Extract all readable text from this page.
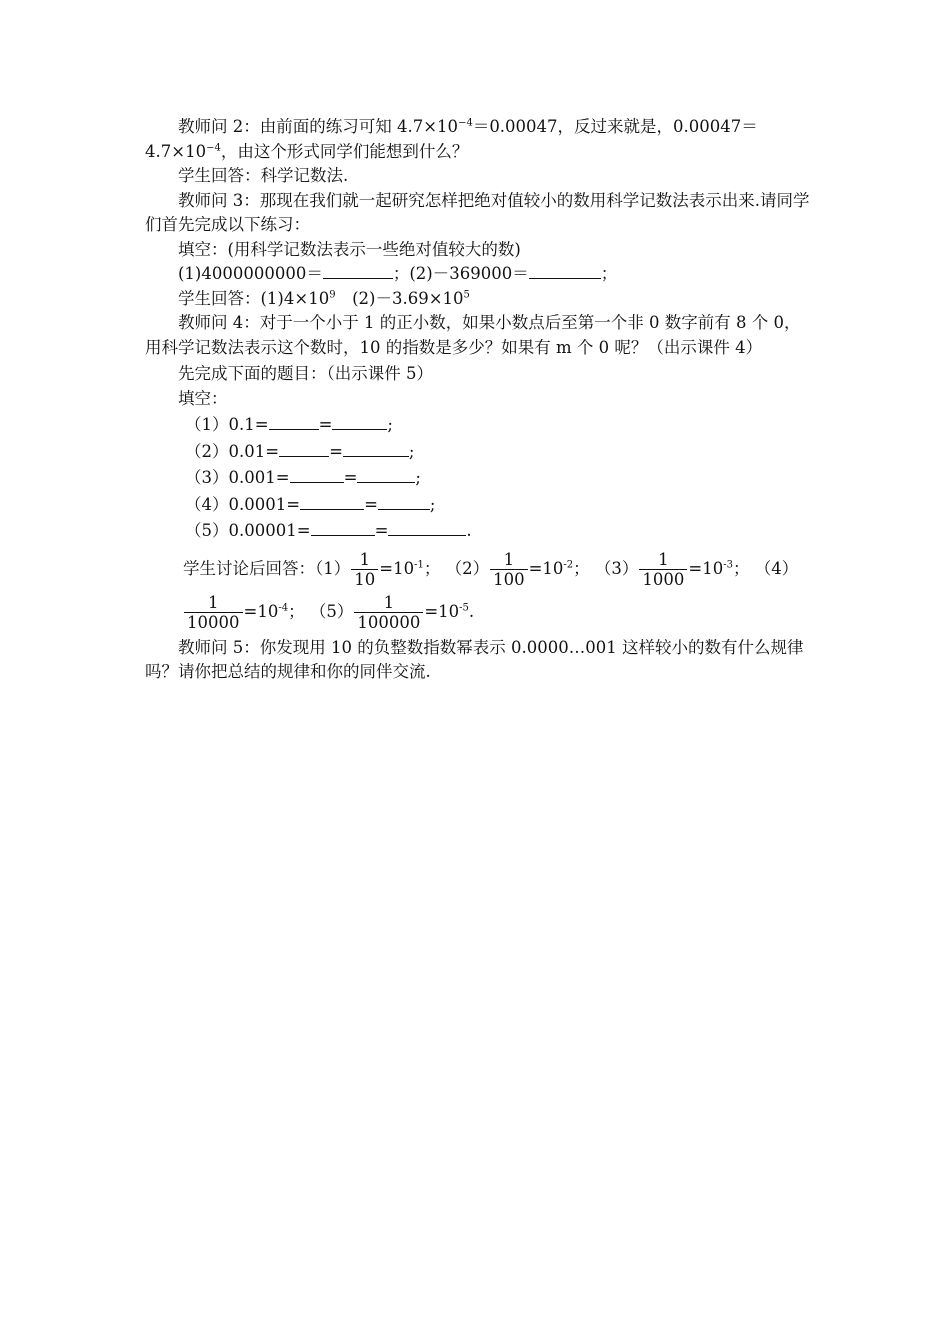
教师问 2：由前面的练习可知 $4.7\times 10^{-4}=0.00047$，反过来就是，$0.00047=4.7\times 10^{-4}$，由这个形式同学们能想到什么？

学生回答：科学记数法.

教师问 3：那现在我们就一起研究怎样把绝对值较小的数用科学记数法表示出来.请同学们首先完成以下练习：

填空：(用科学记数法表示一些绝对值较大的数)

(1)4000000000＝	；(2)－369000＝	；

学生回答：$(1)4\times 10^9$　$(2)-3.69\times 10^5$

教师问 4：对于一个小于 1 的正小数，如果小数点后至第一个非 0 数字前有 8 个 0，用科学记数法表示这个数时，10 的指数是多少？如果有 m 个 0 呢？（出示课件 4）

先完成下面的题目：（出示课件 5）

填空：

（1）0.1=	=	;

（2）0.01=	=	;

（3）0.001=	=	;

（4）0.0001=	=	;

（5）0.00001=	=	.

学生讨论后回答：$(1) \frac{1}{10} =10^{-1}$； $(2) \frac{1}{100} =10^{-2}$； $(3) \frac{1}{1000} =10^{-3}$； （4）

$\frac{1}{10000} =10^{-4}$； $(5) \frac{1}{100000} =10^{-5}$.

教师问 5：你发现用 10 的负整数指数幂表示 0.0000…001 这样较小的数有什么规律吗？请你把总结的规律和你的同伴交流.
